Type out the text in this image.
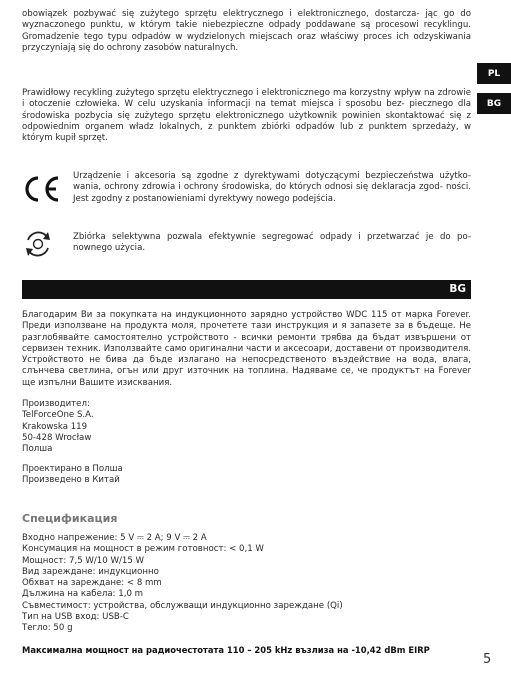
PL
BG

obowiązek pozbywać się zużytego sprzętu elektrycznego i elektronicznego, dostarcza- jąc go do wyznaczonego punktu, w którym takie niebezpieczne odpady poddawane są procesowi recyklingu. Gromadzenie tego typu odpadów w wydzielonych miejscach oraz właściwy proces ich odzyskiwania przyczyniają się do ochrony zasobów naturalnych.

Prawidłowy recykling zużytego sprzętu elektrycznego i elektronicznego ma korzystny wpływ na zdrowie i otoczenie człowieka. W celu uzyskania informacji na temat miejsca i sposobu bez- piecznego dla środowiska pozbycia się zużytego sprzętu elektronicznego użytkownik powinien skontaktować się z odpowiednim organem władz lokalnych, z punktem zbiórki odpadów lub z punktem sprzedaży, w którym kupił sprzęt.

Urządzenie i akcesoria są zgodne z dyrektywami dotyczącymi bezpieczeństwa użytko- wania, ochrony zdrowia i ochrony środowiska, do których odnosi się deklaracja zgod- ności. Jest zgodny z postanowieniami dyrektywy nowego podejścia.

Zbiórka selektywna pozwala efektywnie segregować odpady i przetwarzać je do po- nownego użycia.

BG

Благодарим Ви за покупката на индукционното зарядно устройство WDC 115 от марка Forever. Преди използване на продукта моля, прочетете тази инструкция и я запазете за в бъдеще. Не разглобявайте самостоятелно устройството - всички ремонти трябва да бъдат извършени от сервизен техник. Използвайте само оригинални части и аксесоари, доставени от производителя. Устройството не бива да бъде излагано на непосредственото въздействие на вода, влага, слънчева светлина, огън или друг източник на топлина. Надяваме се, че продуктът на Forever ще изпълни Вашите изисквания.

Производител:
TelForceOne S.A.
Krakowska 119
50-428 Wrocław
Полша
Проектирано в Полша
Произведено в Китай
Спецификация
Входно напрежение: 5 V ⎓ 2 A; 9 V ⎓ 2 A
Консумация на мощност в режим готовност: < 0,1 W
Мощност: 7,5 W/10 W/15 W
Вид зареждане: индукционно
Обхват на зареждане: < 8 mm
Дължина на кабела: 1,0 m
Съвместимост: устройства, обслужващи индукционно зареждане (Qi)
Тип на USB вход: USB-C
Тегло: 50 g
Максимална мощност на радиочестотата 110 – 205 kHz възлиза на -10,42 dBm EIRP
5
